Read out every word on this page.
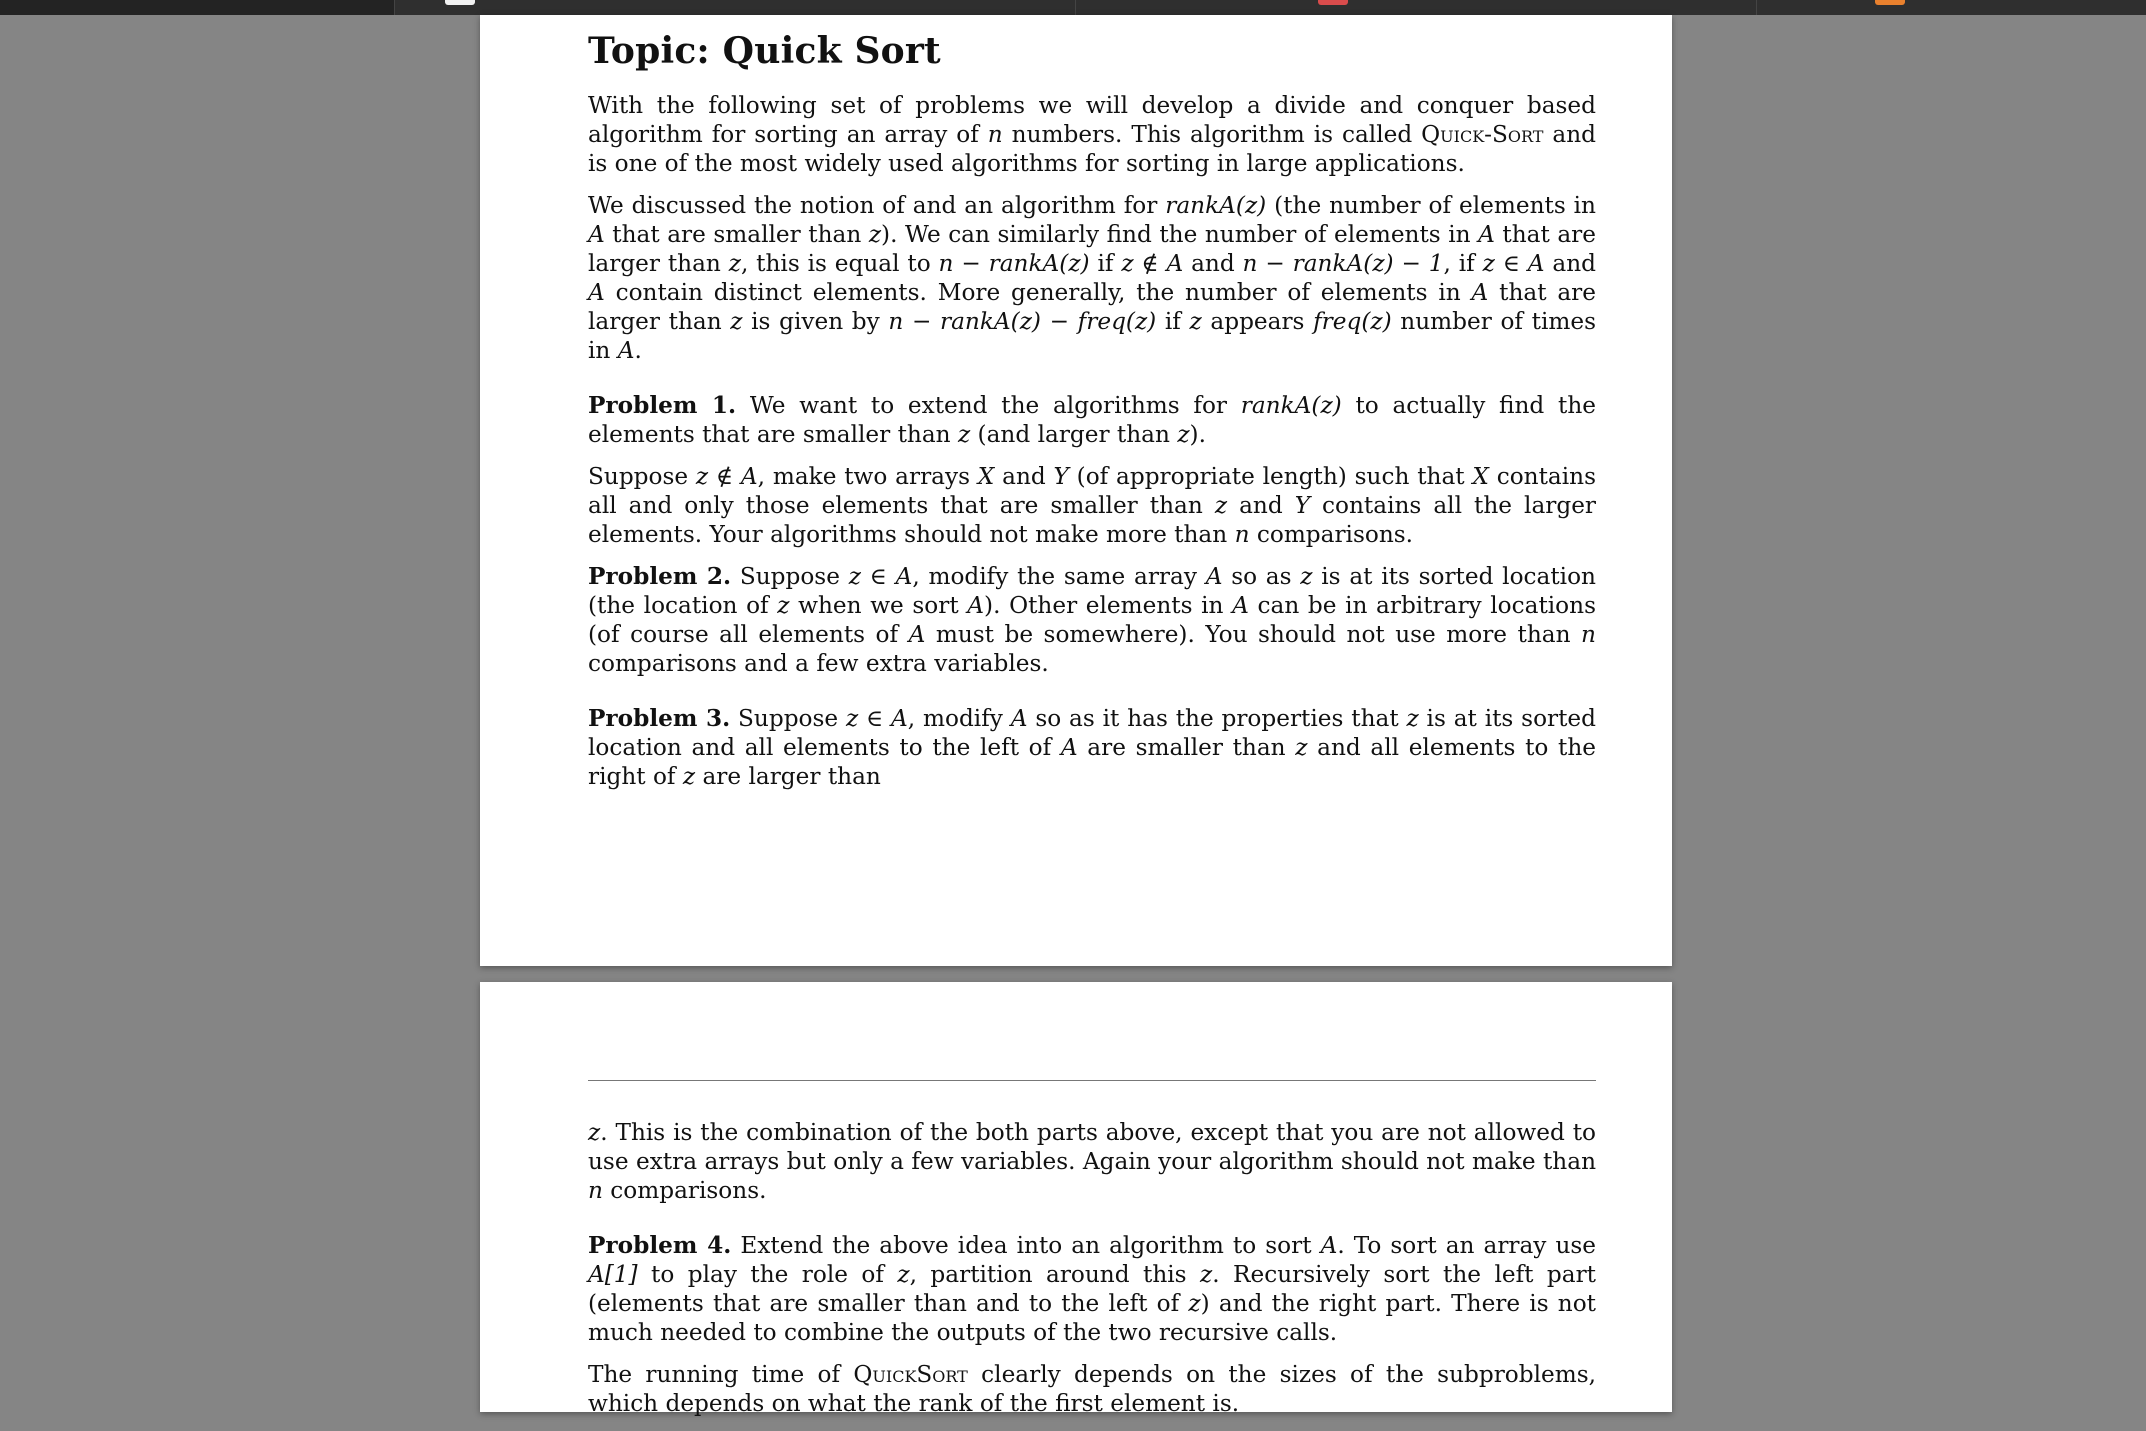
Topic: Quick Sort

With the following set of problems we will develop a divide and conquer based algorithm for sorting an array of n numbers. This algorithm is called Quick-Sort and is one of the most widely used algorithms for sorting in large applications.

We discussed the notion of and an algorithm for rankA(z) (the number of elements in A that are smaller than z). We can similarly find the number of elements in A that are larger than z, this is equal to n − rankA(z) if z ∉ A and n − rankA(z) − 1, if z ∈ A and A contain distinct elements. More generally, the number of elements in A that are larger than z is given by n − rankA(z) − freq(z) if z appears freq(z) number of times in A.

Problem 1. We want to extend the algorithms for rankA(z) to actually find the elements that are smaller than z (and larger than z).

Suppose z ∉ A, make two arrays X and Y (of appropriate length) such that X contains all and only those elements that are smaller than z and Y contains all the larger elements. Your algorithms should not make more than n comparisons.

Problem 2. Suppose z ∈ A, modify the same array A so as z is at its sorted location (the location of z when we sort A). Other elements in A can be in arbitrary locations (of course all elements of A must be somewhere). You should not use more than n comparisons and a few extra variables.

Problem 3. Suppose z ∈ A, modify A so as it has the properties that z is at its sorted location and all elements to the left of A are smaller than z and all elements to the right of z are larger than

z. This is the combination of the both parts above, except that you are not allowed to use extra arrays but only a few variables. Again your algorithm should not make than n comparisons.

Problem 4. Extend the above idea into an algorithm to sort A. To sort an array use A[1] to play the role of z, partition around this z. Recursively sort the left part (elements that are smaller than and to the left of z) and the right part. There is not much needed to combine the outputs of the two recursive calls.

The running time of QuickSort clearly depends on the sizes of the subproblems, which depends on what the rank of the first element is.
